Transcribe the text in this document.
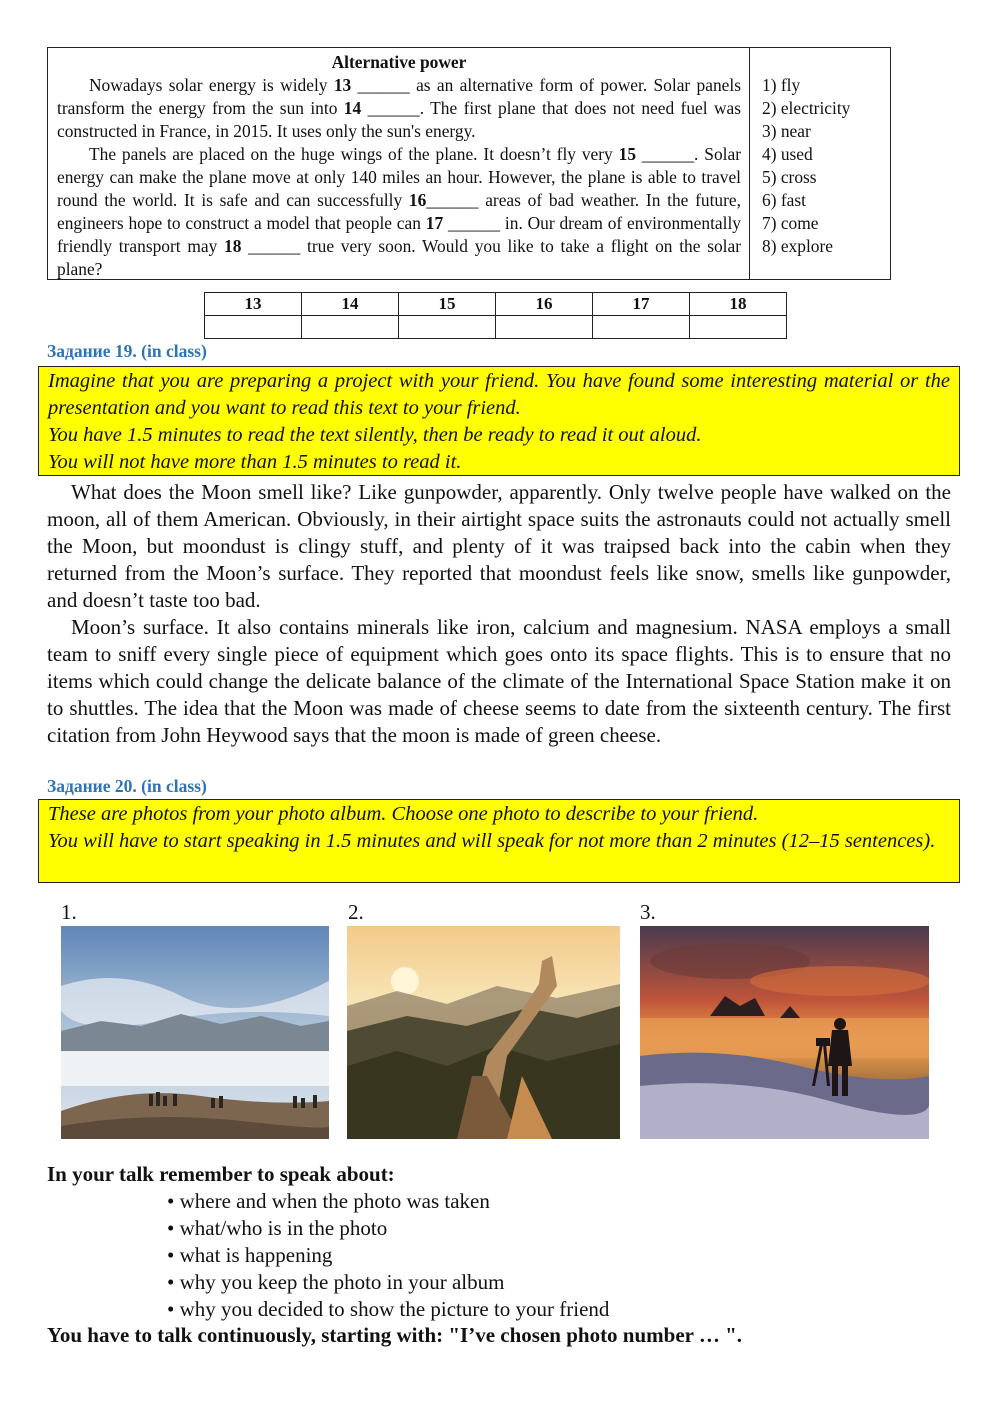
Alternative power

Nowadays solar energy is widely 13 ______ as an alternative form of power. Solar panels transform the energy from the sun into 14 ______. The first plane that does not need fuel was constructed in France, in 2015. It uses only the sun's energy.

The panels are placed on the huge wings of the plane. It doesn’t fly very 15 ______. Solar energy can make the plane move at only 140 miles an hour. However, the plane is able to travel round the world. It is safe and can successfully 16______ areas of bad weather. In the future, engineers hope to construct a model that people can 17 ______ in. Our dream of environmentally friendly transport may 18 ______ true very soon. Would you like to take a flight on the solar plane?

1) fly
2) electricity
3) near
4) used
5) cross
6) fast
7) come
8) explore
13	14	15	16	17	18

Задание 19. (in class)
Imagine that you are preparing a project with your friend. You have found some interesting material or the presentation and you want to read this text to your friend.
You have 1.5 minutes to read the text silently, then be ready to read it out aloud.
You will not have more than 1.5 minutes to read it.

What does the Moon smell like? Like gunpowder, apparently. Only twelve people have walked on the moon, all of them American. Obviously, in their airtight space suits the astronauts could not actually smell the Moon, but moondust is clingy stuff, and plenty of it was traipsed back into the cabin when they returned from the Moon’s surface. They reported that moondust feels like snow, smells like gunpowder, and doesn’t taste too bad.

Moon’s surface. It also contains minerals like iron, calcium and magnesium. NASA employs a small team to sniff every single piece of equipment which goes onto its space flights. This is to ensure that no items which could change the delicate balance of the climate of the International Space Station make it on to shuttles. The idea that the Moon was made of cheese seems to date from the sixteenth century. The first citation from John Heywood says that the moon is made of green cheese.

Задание 20. (in class)
These are photos from your photo album. Choose one photo to describe to your friend.
You will have to start speaking in 1.5 minutes and will speak for not more than 2 minutes (12–15 sentences).
1.	2.	3.
In your talk remember to speak about:
• where and when the photo was taken
• what/who is in the photo
• what is happening
• why you keep the photo in your album
• why you decided to show the picture to your friend
You have to talk continuously, starting with: "I’ve chosen photo number … ".
